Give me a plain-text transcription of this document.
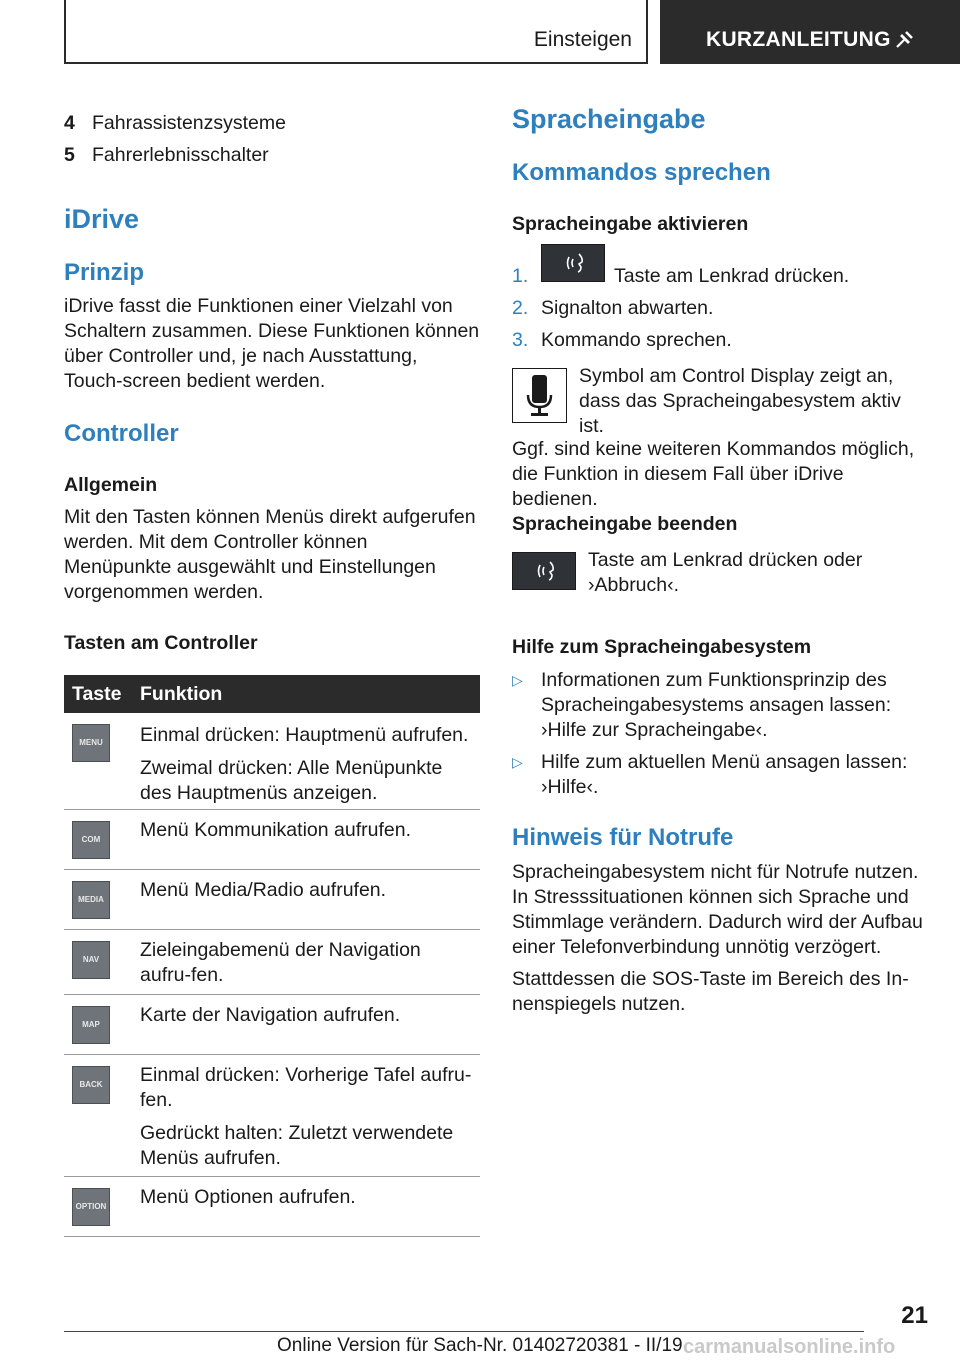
Einsteigen	KURZANLEITUNG
4 Fahrassistenzsysteme
5 Fahrerlebnisschalter
iDrive
Prinzip

iDrive fasst die Funktionen einer Vielzahl von Schaltern zusammen. Diese Funktionen können über Controller und, je nach Ausstattung, Touch‐screen bedient werden.

Controller
Allgemein

Mit den Tasten können Menüs direkt aufgerufen werden. Mit dem Controller können Menüpunkte ausgewählt und Einstellungen vorgenommen werden.

Tasten am Controller
Taste Funktion
MENU	Einmal drücken: Hauptmenü aufrufen.

Zweimal drücken: Alle Menüpunkte des Hauptmenüs anzeigen.

COM	Menü Kommunikation aufrufen.

MEDIA	Menü Media/Radio aufrufen.

NAV	Zieleingabemenü der Navigation aufru‐fen.

MAP	Karte der Navigation aufrufen.

BACK	Einmal drücken: Vorherige Tafel aufru‐fen.

Gedrückt halten: Zuletzt verwendete Menüs aufrufen.

OPTION Menü Optionen aufrufen.

Spracheingabe
Kommandos sprechen
Spracheingabe aktivieren
1.	Taste am Lenkrad drücken.
2. Signalton abwarten.
3. Kommando sprechen.

Symbol am Control Display zeigt an, dass das Spracheingabesystem aktiv ist.

Ggf. sind keine weiteren Kommandos möglich, die Funktion in diesem Fall über iDrive bedienen.

Spracheingabe beenden

Taste am Lenkrad drücken oder ›Abbruch‹.

Hilfe zum Spracheingabesystem
▷ Informationen zum Funktionsprinzip des Spracheingabesystems ansagen lassen: ›Hilfe zur Spracheingabe‹.
▷ Hilfe zum aktuellen Menü ansagen lassen: ›Hilfe‹.
Hinweis für Notrufe

Spracheingabesystem nicht für Notrufe nutzen. In Stresssituationen können sich Sprache und Stimmlage verändern. Dadurch wird der Aufbau einer Telefonverbindung unnötig verzögert.

Stattdessen die SOS-Taste im Bereich des In‐nenspiegels nutzen.

21
Online Version für Sach-Nr. 01402720381 - II/19 carmanualsonline.info
